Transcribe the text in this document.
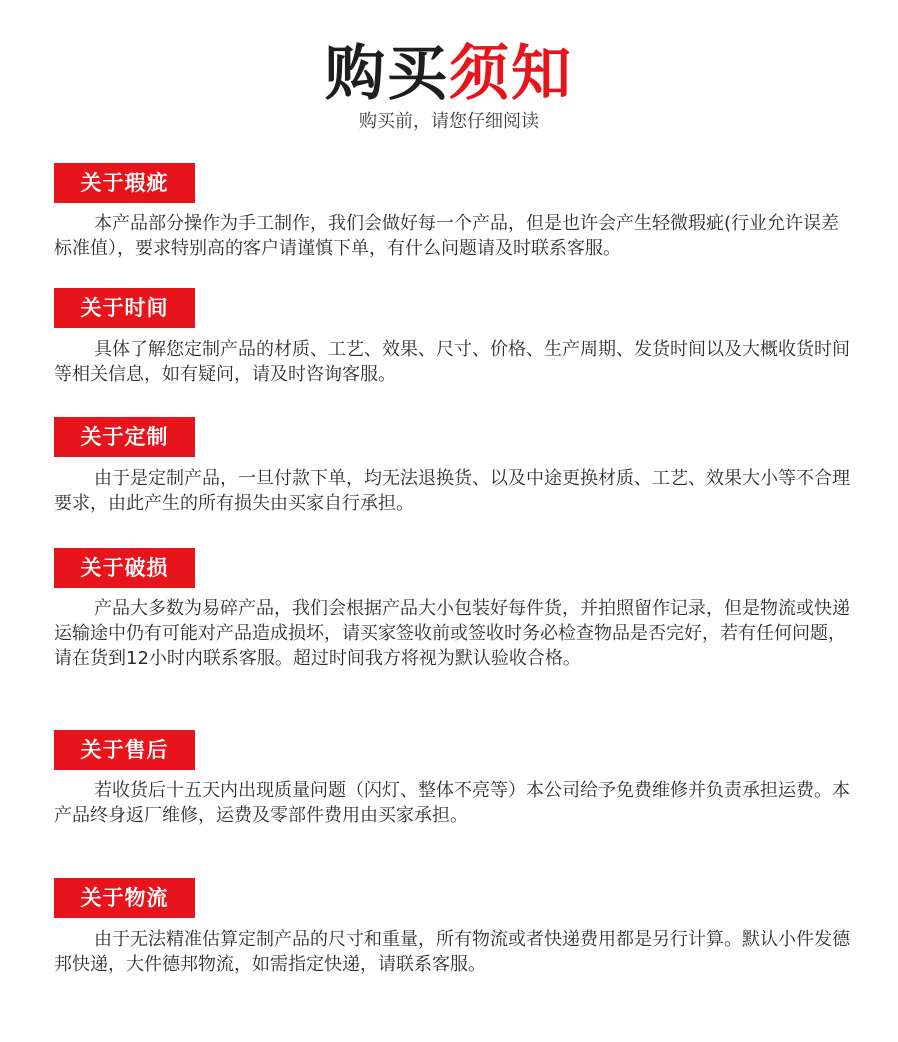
购买须知
购买前，请您仔细阅读
关于瑕疵

本产品部分操作为手工制作，我们会做好每一个产品，但是也许会产生轻微瑕疵(行业允许误差标准值），要求特别高的客户请谨慎下单，有什么问题请及时联系客服。

关于时间

具体了解您定制产品的材质、工艺、效果、尺寸、价格、生产周期、发货时间以及大概收货时间等相关信息，如有疑问，请及时咨询客服。

关于定制

由于是定制产品，一旦付款下单，均无法退换货、以及中途更换材质、工艺、效果大小等不合理要求，由此产生的所有损失由买家自行承担。

关于破损

产品大多数为易碎产品，我们会根据产品大小包装好每件货，并拍照留作记录，但是物流或快递运输途中仍有可能对产品造成损坏，请买家签收前或签收时务必检查物品是否完好，若有任何问题，请在货到12小时内联系客服。超过时间我方将视为默认验收合格。

关于售后

若收货后十五天内出现质量问题（闪灯、整体不亮等）本公司给予免费维修并负责承担运费。本产品终身返厂维修，运费及零部件费用由买家承担。

关于物流

由于无法精准估算定制产品的尺寸和重量，所有物流或者快递费用都是另行计算。默认小件发德邦快递，大件德邦物流，如需指定快递，请联系客服。
